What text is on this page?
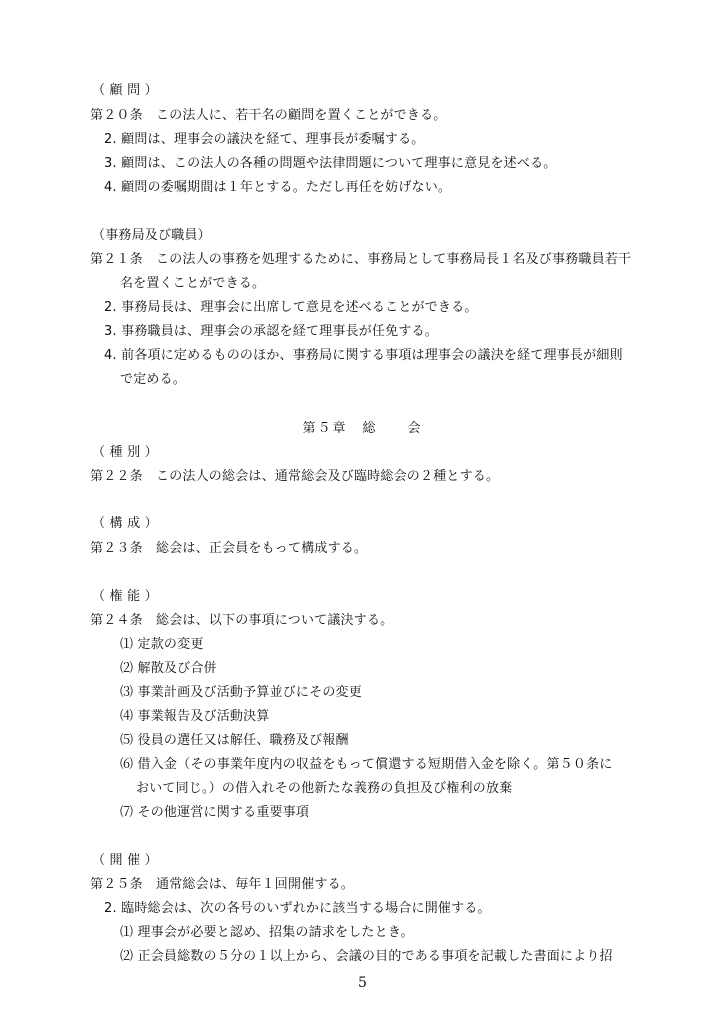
（ 顧 問 ）
第２０条　この法人に、若干名の顧問を置くことができる。
2. 顧問は、理事会の議決を経て、理事長が委嘱する。
3. 顧問は、この法人の各種の問題や法律問題について理事に意見を述べる。
4. 顧問の委嘱期間は１年とする。ただし再任を妨げない。
（事務局及び職員）
第２１条　この法人の事務を処理するために、事務局として事務局長１名及び事務職員若干
名を置くことができる。
2. 事務局長は、理事会に出席して意見を述べることができる。
3. 事務職員は、理事会の承認を経て理事長が任免する。
4. 前各項に定めるもののほか、事務局に関する事項は理事会の議決を経て理事長が細則
で定める。
第５章　総　　会
（ 種 別 ）
第２２条　この法人の総会は、通常総会及び臨時総会の２種とする。
（ 構 成 ）
第２３条　総会は、正会員をもって構成する。
（ 権 能 ）
第２４条　総会は、以下の事項について議決する。
⑴ 定款の変更
⑵ 解散及び合併
⑶ 事業計画及び活動予算並びにその変更
⑷ 事業報告及び活動決算
⑸ 役員の選任又は解任、職務及び報酬
⑹ 借入金（その事業年度内の収益をもって償還する短期借入金を除く。第５０条に
おいて同じ。）の借入れその他新たな義務の負担及び権利の放棄
⑺ その他運営に関する重要事項
（ 開 催 ）
第２５条　通常総会は、毎年１回開催する。
2. 臨時総会は、次の各号のいずれかに該当する場合に開催する。
⑴ 理事会が必要と認め、招集の請求をしたとき。
⑵ 正会員総数の５分の１以上から、会議の目的である事項を記載した書面により招
5
